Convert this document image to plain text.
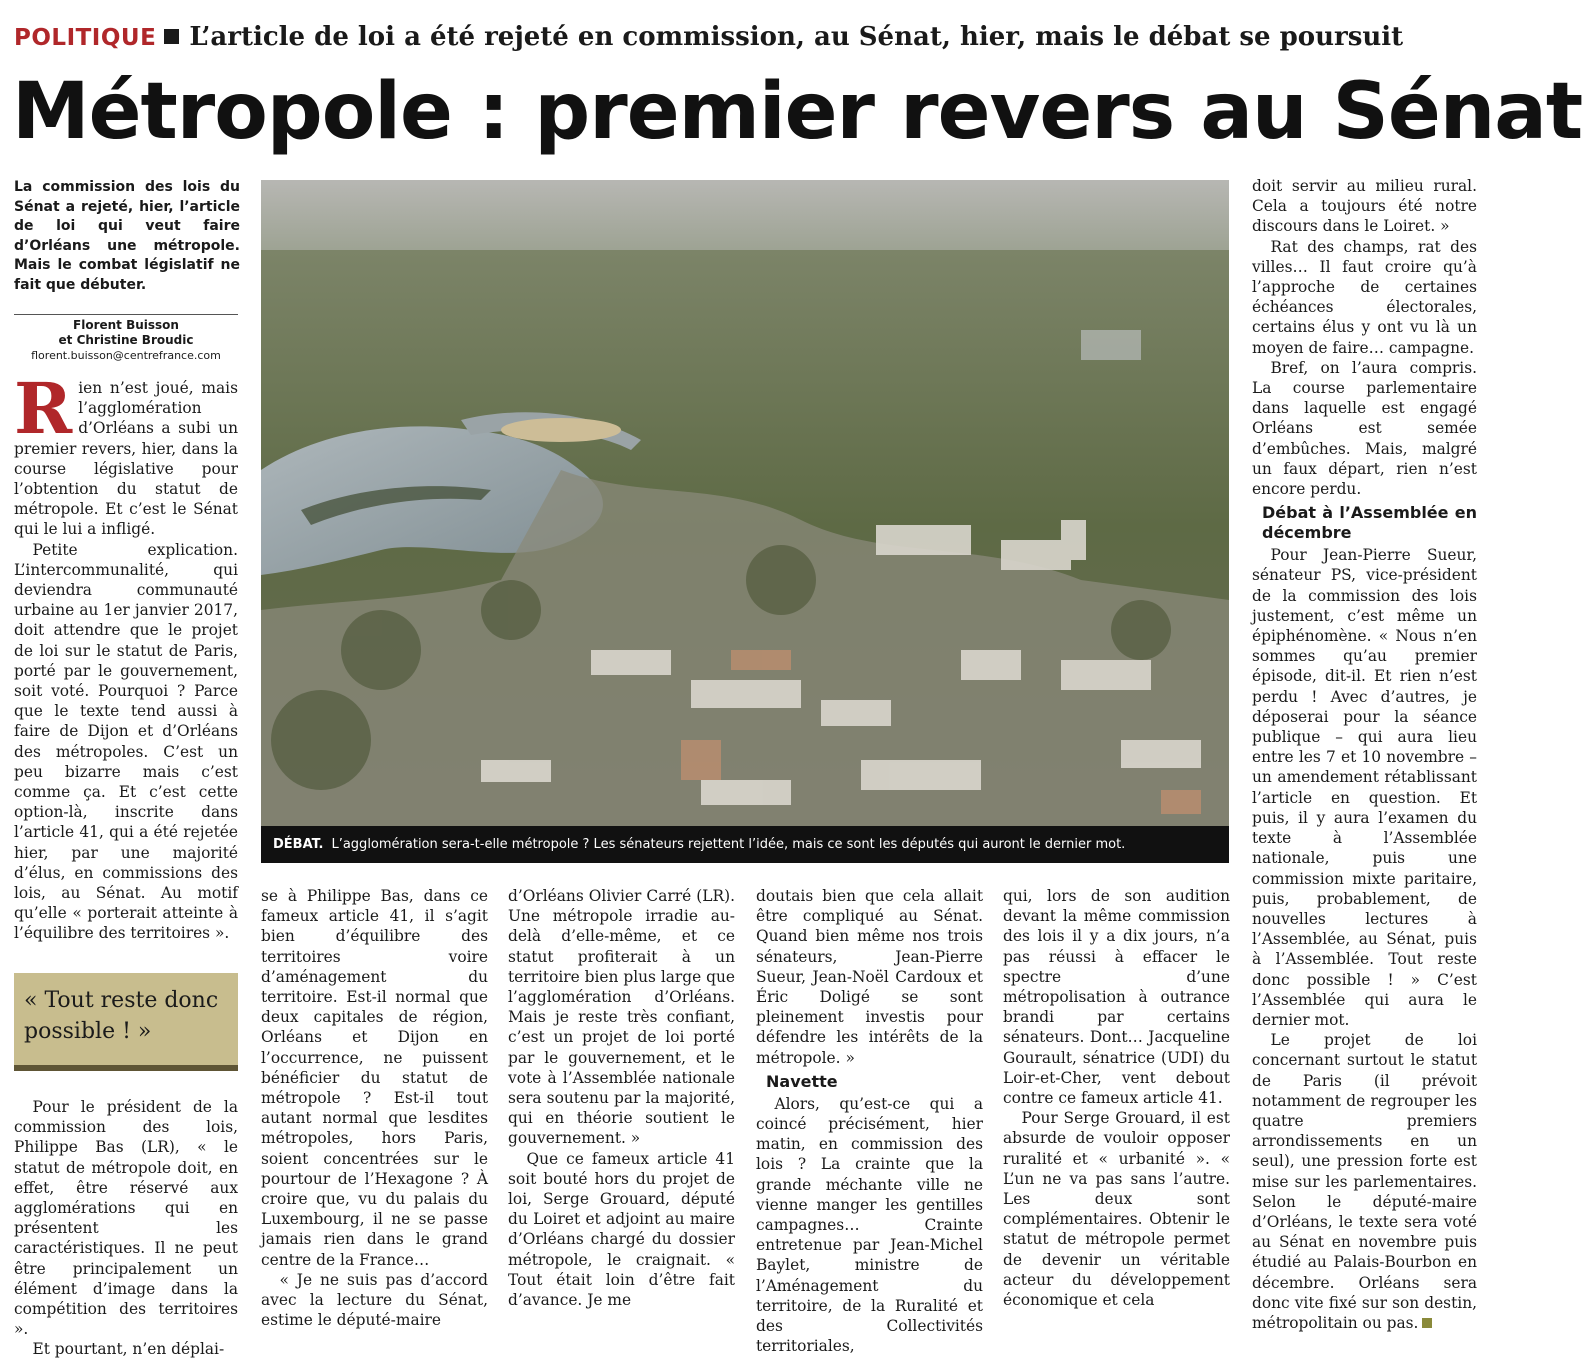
POLITIQUE L’article de loi a été rejeté en commission, au Sénat, hier, mais le débat se poursuit
Métropole : premier revers au Sénat

La commission des lois du Sénat a rejeté, hier, l’article de loi qui veut faire d’Orléans une métropole. Mais le combat législatif ne fait que débuter.

Florent Buisson
et Christine Broudic
florent.buisson@centrefrance.com

Rien n’est joué, mais l’agglomération d’Orléans a subi un premier revers, hier, dans la course législative pour l’obtention du statut de métropole. Et c’est le Sénat qui le lui a infligé.

Petite explication. L’intercommunalité, qui deviendra communauté urbaine au 1er janvier 2017, doit attendre que le projet de loi sur le statut de Paris, porté par le gouvernement, soit voté. Pourquoi ? Parce que le texte tend aussi à faire de Dijon et d’Orléans des métropoles. C’est un peu bizarre mais c’est comme ça. Et c’est cette option-là, inscrite dans l’article 41, qui a été rejetée hier, par une majorité d’élus, en commissions des lois, au Sénat. Au motif qu’elle « porterait atteinte à l’équilibre des territoires ».

« Tout reste donc possible ! »

Pour le président de la commission des lois, Philippe Bas (LR), « le statut de métropole doit, en effet, être réservé aux agglomérations qui en présentent les caractéristiques. Il ne peut être principalement un élément d’image dans la compétition des territoires ».

Et pourtant, n’en déplai-

DÉBAT. L’agglomération sera-t-elle métropole ? Les sénateurs rejettent l’idée, mais ce sont les députés qui auront le dernier mot.

se à Philippe Bas, dans ce fameux article 41, il s’agit bien d’équilibre des territoires voire d’aménagement du territoire. Est-il normal que deux capitales de région, Orléans et Dijon en l’occurrence, ne puissent bénéficier du statut de métropole ? Est-il tout autant normal que lesdites métropoles, hors Paris, soient concentrées sur le pourtour de l’Hexagone ? À croire que, vu du palais du Luxembourg, il ne se passe jamais rien dans le grand centre de la France…

« Je ne suis pas d’accord avec la lecture du Sénat, estime le député-maire

d’Orléans Olivier Carré (LR). Une métropole irradie au-delà d’elle-même, et ce statut profiterait à un territoire bien plus large que l’agglomération d’Orléans. Mais je reste très confiant, c’est un projet de loi porté par le gouvernement, et le vote à l’Assemblée nationale sera soutenu par la majorité, qui en théorie soutient le gouvernement. »

Que ce fameux article 41 soit bouté hors du projet de loi, Serge Grouard, député du Loiret et adjoint au maire d’Orléans chargé du dossier métropole, le craignait. « Tout était loin d’être fait d’avance. Je me

doutais bien que cela allait être compliqué au Sénat. Quand bien même nos trois sénateurs, Jean-Pierre Sueur, Jean-Noël Cardoux et Éric Doligé se sont pleinement investis pour défendre les intérêts de la métropole. »

Navette

Alors, qu’est-ce qui a coincé précisément, hier matin, en commission des lois ? La crainte que la grande méchante ville ne vienne manger les gentilles campagnes… Crainte entretenue par Jean-Michel Baylet, ministre de l’Aménagement du territoire, de la Ruralité et des Collectivités territoriales,

qui, lors de son audition devant la même commission des lois il y a dix jours, n’a pas réussi à effacer le spectre d’une métropolisation à outrance brandi par certains sénateurs. Dont… Jacqueline Gourault, sénatrice (UDI) du Loir-et-Cher, vent debout contre ce fameux article 41.

Pour Serge Grouard, il est absurde de vouloir opposer ruralité et « urbanité ». « L’un ne va pas sans l’autre. Les deux sont complémentaires. Obtenir le statut de métropole permet de devenir un véritable acteur du développement économique et cela

doit servir au milieu rural. Cela a toujours été notre discours dans le Loiret. »

Rat des champs, rat des villes… Il faut croire qu’à l’approche de certaines échéances électorales, certains élus y ont vu là un moyen de faire… campagne.

Bref, on l’aura compris. La course parlementaire dans laquelle est engagé Orléans est semée d’embûches. Mais, malgré un faux départ, rien n’est encore perdu.

Débat à l’Assemblée en décembre

Pour Jean-Pierre Sueur, sénateur PS, vice-président de la commission des lois justement, c’est même un épiphénomène. « Nous n’en sommes qu’au premier épisode, dit-il. Et rien n’est perdu ! Avec d’autres, je déposerai pour la séance publique – qui aura lieu entre les 7 et 10 novembre – un amendement rétablissant l’article en question. Et puis, il y aura l’examen du texte à l’Assemblée nationale, puis une commission mixte paritaire, puis, probablement, de nouvelles lectures à l’Assemblée, au Sénat, puis à l’Assemblée. Tout reste donc possible ! » C’est l’Assemblée qui aura le dernier mot.

Le projet de loi concernant surtout le statut de Paris (il prévoit notamment de regrouper les quatre premiers arrondissements en un seul), une pression forte est mise sur les parlementaires. Selon le député-maire d’Orléans, le texte sera voté au Sénat en novembre puis étudié au Palais-Bourbon en décembre. Orléans sera donc vite fixé sur son destin, métropolitain ou pas.
